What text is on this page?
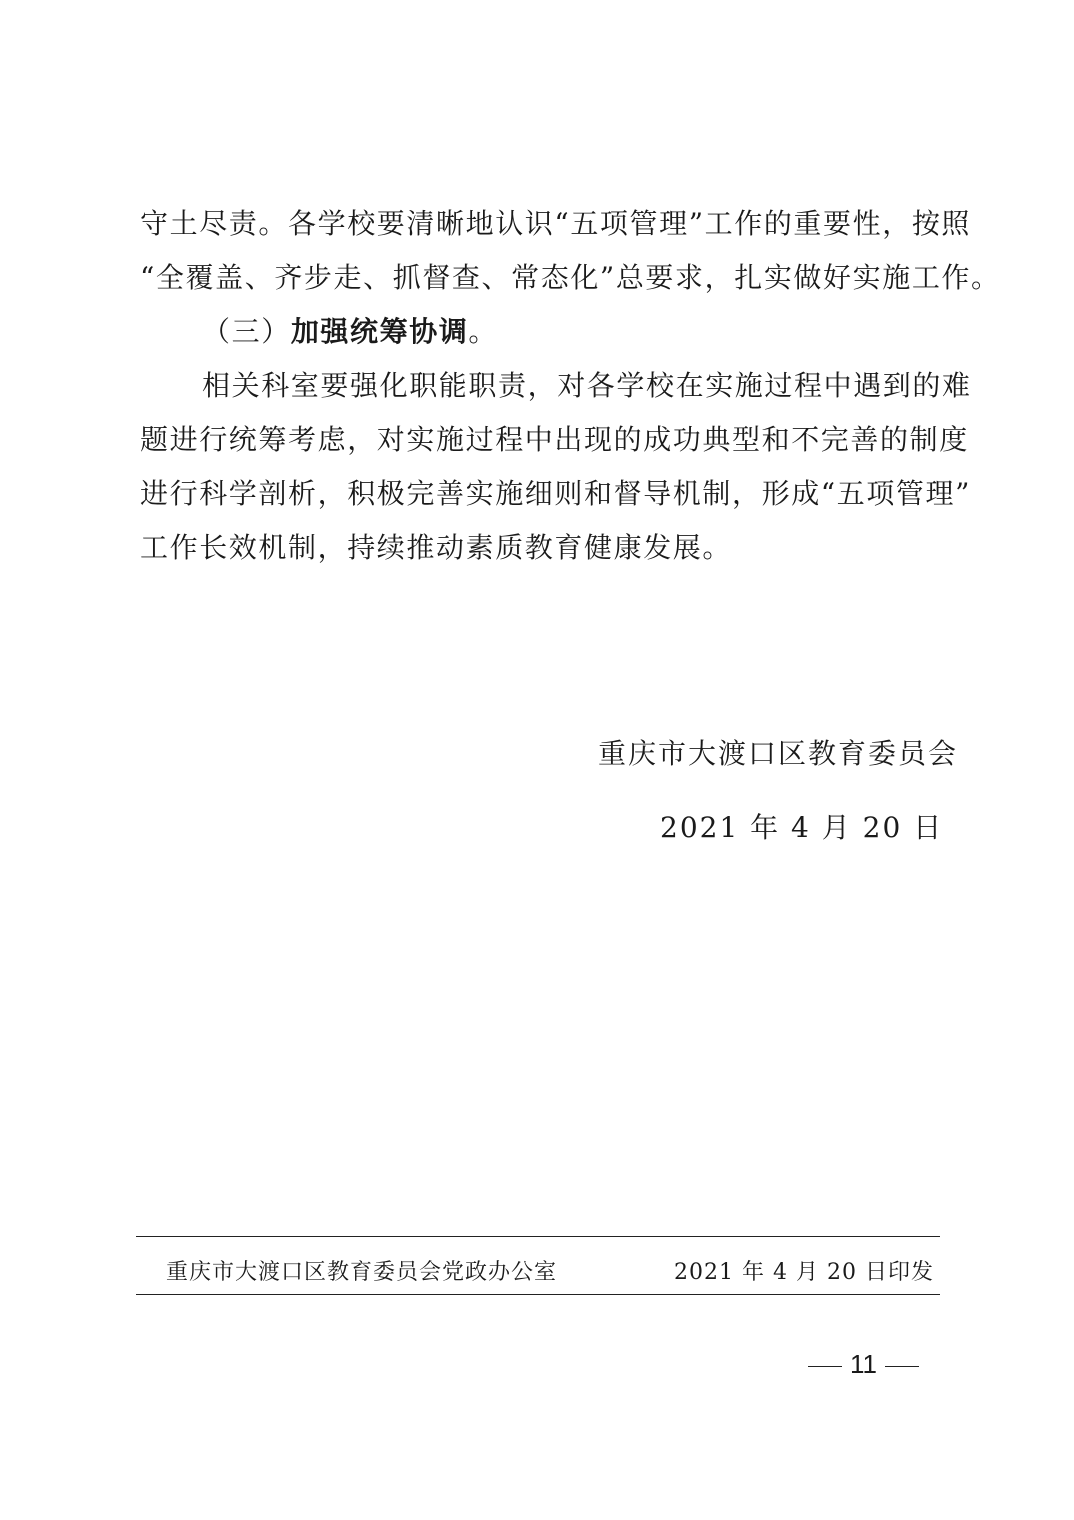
守土尽责。各学校要清晰地认识“五项管理”工作的重要性，按照
“全覆盖、齐步走、抓督查、常态化”总要求，扎实做好实施工作。
（三）加强统筹协调。
相关科室要强化职能职责，对各学校在实施过程中遇到的难
题进行统筹考虑，对实施过程中出现的成功典型和不完善的制度
进行科学剖析，积极完善实施细则和督导机制，形成“五项管理”
工作长效机制，持续推动素质教育健康发展。
重庆市大渡口区教育委员会
2021 年 4 月 20 日
重庆市大渡口区教育委员会党政办公室	2021 年 4 月 20 日印发
11
